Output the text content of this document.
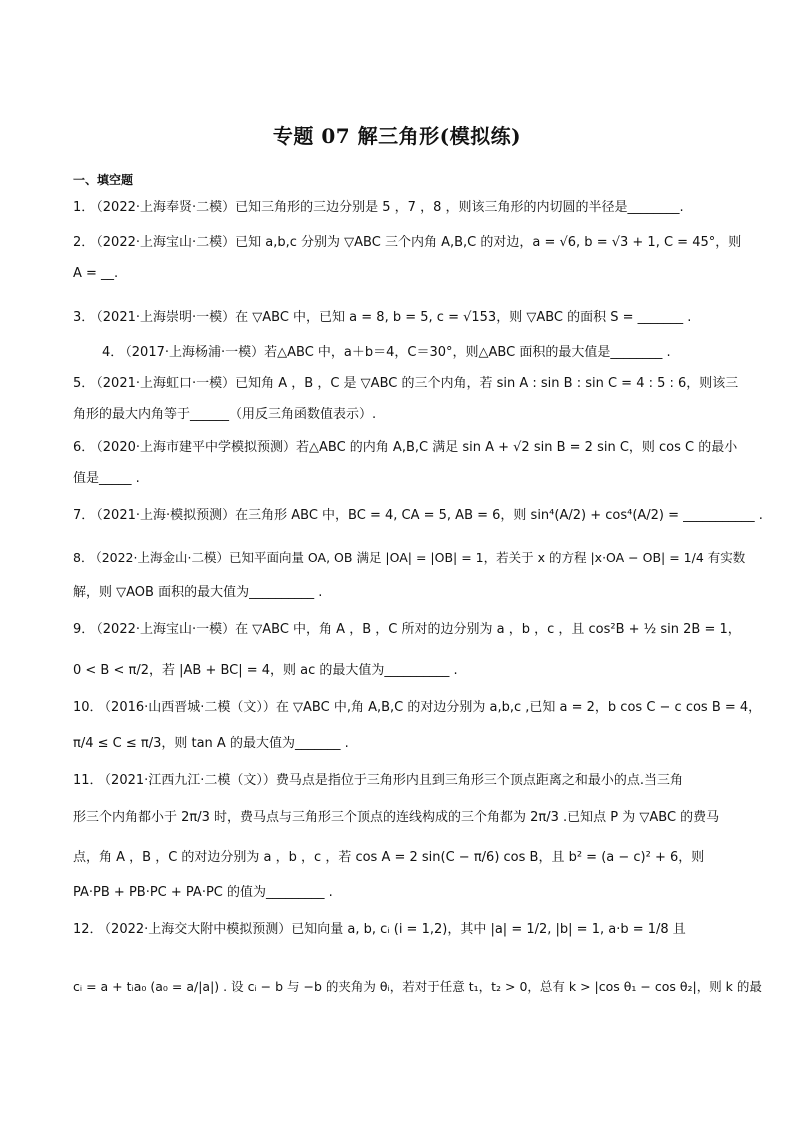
专题 07 解三角形(模拟练)
一、填空题
1． （2022·上海奉贤·二模）已知三角形的三边分别是 5 ，7 ，8 ，则该三角形的内切圆的半径是________.
2． （2022·上海宝山·二模）已知 a,b,c 分别为 ▽ABC 三个内角 A,B,C 的对边，a = √6, b = √3 + 1, C = 45°，则
A = __.
3． （2021·上海崇明·一模）在 ▽ABC 中，已知 a = 8, b = 5, c = √153，则 ▽ABC 的面积 S = _______ .
4． （2017·上海杨浦·一模）若△ABC 中，a＋b＝4，C＝30°，则△ABC 面积的最大值是________ .
5． （2021·上海虹口·一模）已知角 A ，B ，C 是 ▽ABC 的三个内角，若 sin A : sin B : sin C = 4 : 5 : 6，则该三
角形的最大内角等于______（用反三角函数值表示）.
6． （2020·上海市建平中学模拟预测）若△ABC 的内角 A,B,C 满足 sin A + √2 sin B = 2 sin C，则 cos C 的最小
值是_____ .
7． （2021·上海·模拟预测）在三角形 ABC 中，BC = 4, CA = 5, AB = 6，则 sin⁴(A/2) + cos⁴(A/2) = ___________ .
8． （2022·上海金山·二模）已知平面向量 OA, OB 满足 |OA| = |OB| = 1，若关于 x 的方程 |x·OA − OB| = 1/4 有实数
解，则 ▽AOB 面积的最大值为__________ .
9． （2022·上海宝山·一模）在 ▽ABC 中，角 A ，B ，C 所对的边分别为 a ，b ，c ，且 cos²B + ½ sin 2B = 1，
0 < B < π/2，若 |AB + BC| = 4，则 ac 的最大值为__________ .
10． （2016·山西晋城·二模（文））在 ▽ABC 中,角 A,B,C 的对边分别为 a,b,c ,已知 a = 2，b cos C − c cos B = 4，
π/4 ≤ C ≤ π/3，则 tan A 的最大值为_______ .
11． （2021·江西九江·二模（文））费马点是指位于三角形内且到三角形三个顶点距离之和最小的点.当三角
形三个内角都小于 2π/3 时，费马点与三角形三个顶点的连线构成的三个角都为 2π/3 .已知点 P 为 ▽ABC 的费马
点，角 A ，B ，C 的对边分别为 a ，b ，c ，若 cos A = 2 sin(C − π/6) cos B，且 b² = (a − c)² + 6，则
PA·PB + PB·PC + PA·PC 的值为_________ .
12． （2022·上海交大附中模拟预测）已知向量 a, b, cᵢ (i = 1,2)，其中 |a| = 1/2, |b| = 1, a·b = 1/8 且
cᵢ = a + tᵢa₀ (a₀ = a/|a|) . 设 cᵢ − b 与 −b 的夹角为 θᵢ，若对于任意 t₁，t₂ > 0，总有 k > |cos θ₁ − cos θ₂|，则 k 的最
